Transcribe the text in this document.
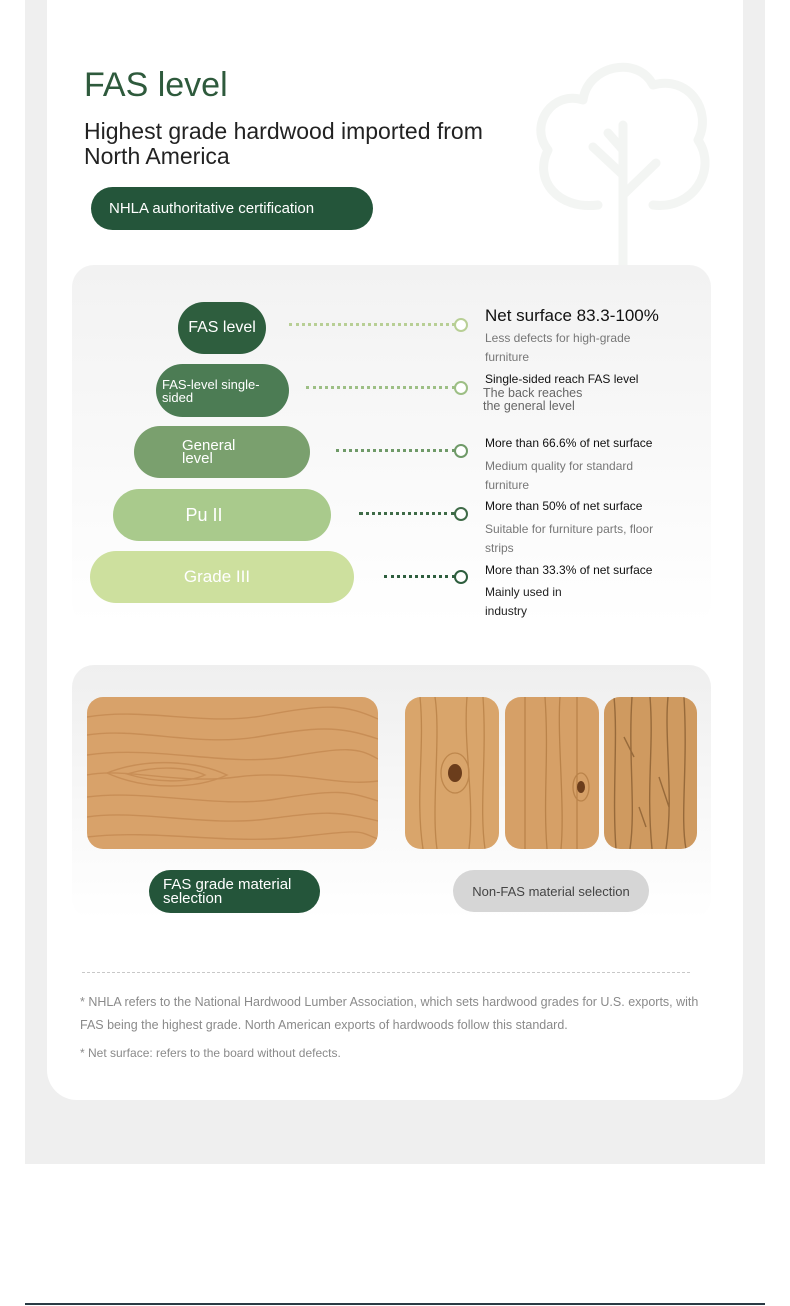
FAS level
Highest grade hardwood imported from North America
NHLA authoritative certification
FAS level
Net surface 83.3-100%
Less defects for high-grade furniture
FAS-level single-sided
Single-sided reach FAS level
The back reaches the general level
General level
More than 66.6% of net surface
Medium quality for standard furniture
Pu II	More than 50% of net surface
Suitable for furniture parts, floor strips
Grade III	More than 33.3% of net surface
Mainly used in industry
FAS grade material selection	Non-FAS material selection

* NHLA refers to the National Hardwood Lumber Association, which sets hardwood grades for U.S. exports, with FAS being the highest grade. North American exports of hardwoods follow this standard.

* Net surface: refers to the board without defects.
